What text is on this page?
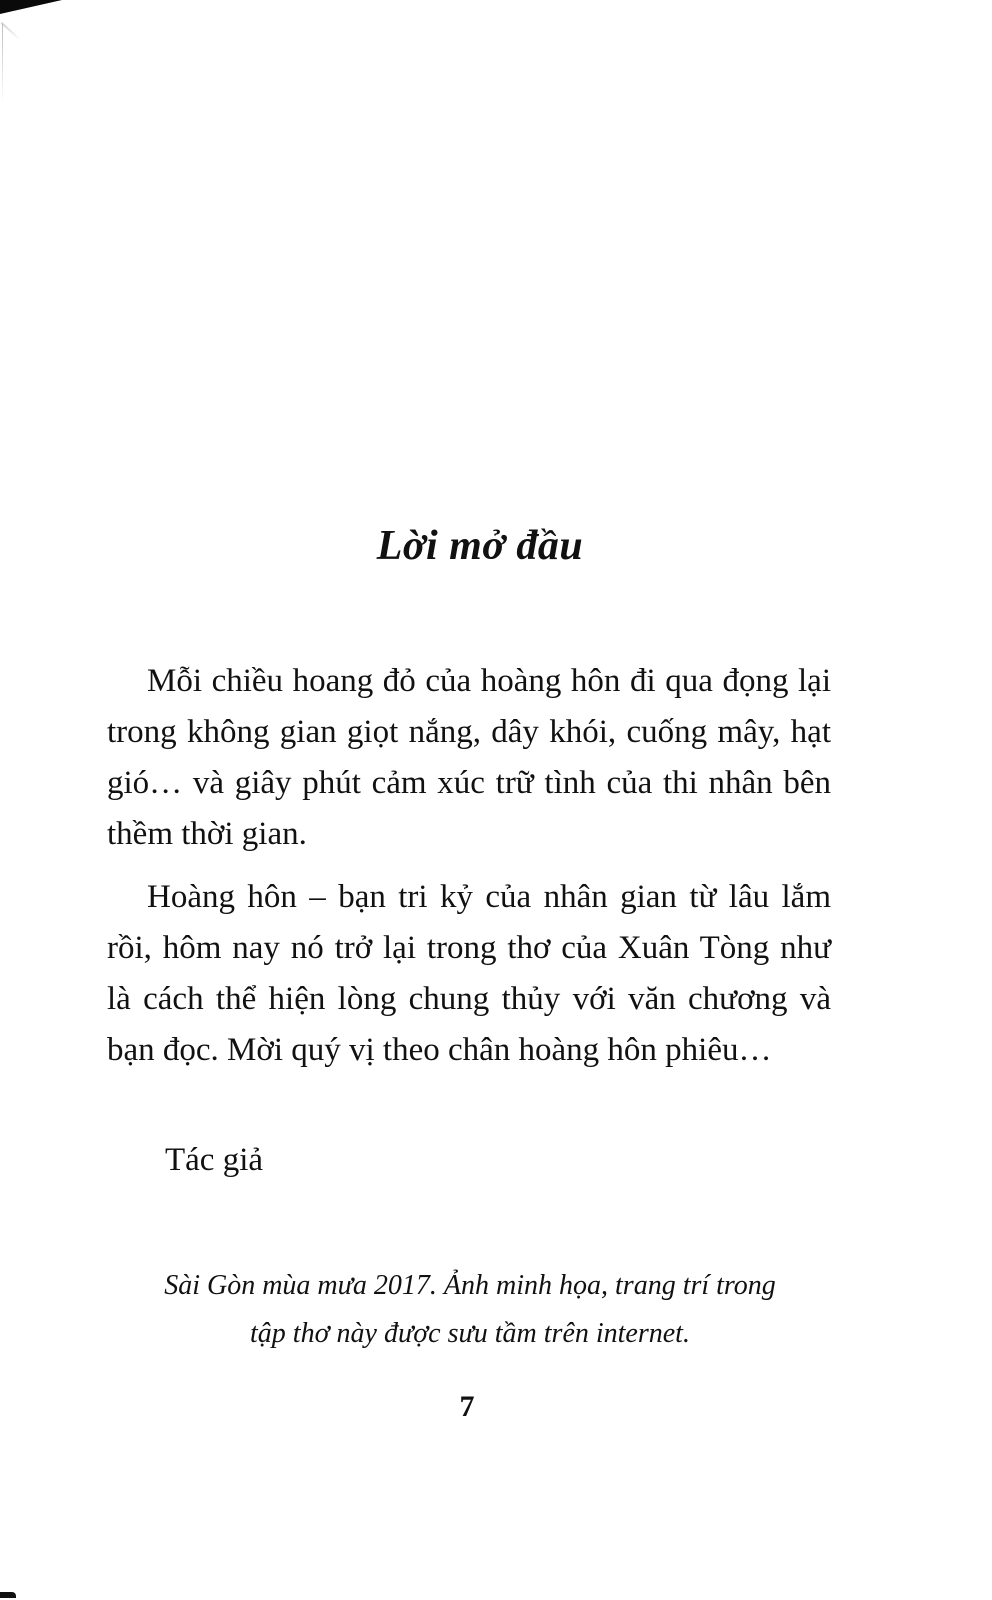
Lời mở đầu

Mỗi chiều hoang đỏ của hoàng hôn đi qua đọng lại trong không gian giọt nắng, dây khói, cuống mây, hạt gió… và giây phút cảm xúc trữ tình của thi nhân bên thềm thời gian.

Hoàng hôn – bạn tri kỷ của nhân gian từ lâu lắm rồi, hôm nay nó trở lại trong thơ của Xuân Tòng như là cách thể hiện lòng chung thủy với văn chương và bạn đọc. Mời quý vị theo chân hoàng hôn phiêu…

Tác giả
Sài Gòn mùa mưa 2017. Ảnh minh họa, trang trí trong
tập thơ này được sưu tầm trên internet.
7
